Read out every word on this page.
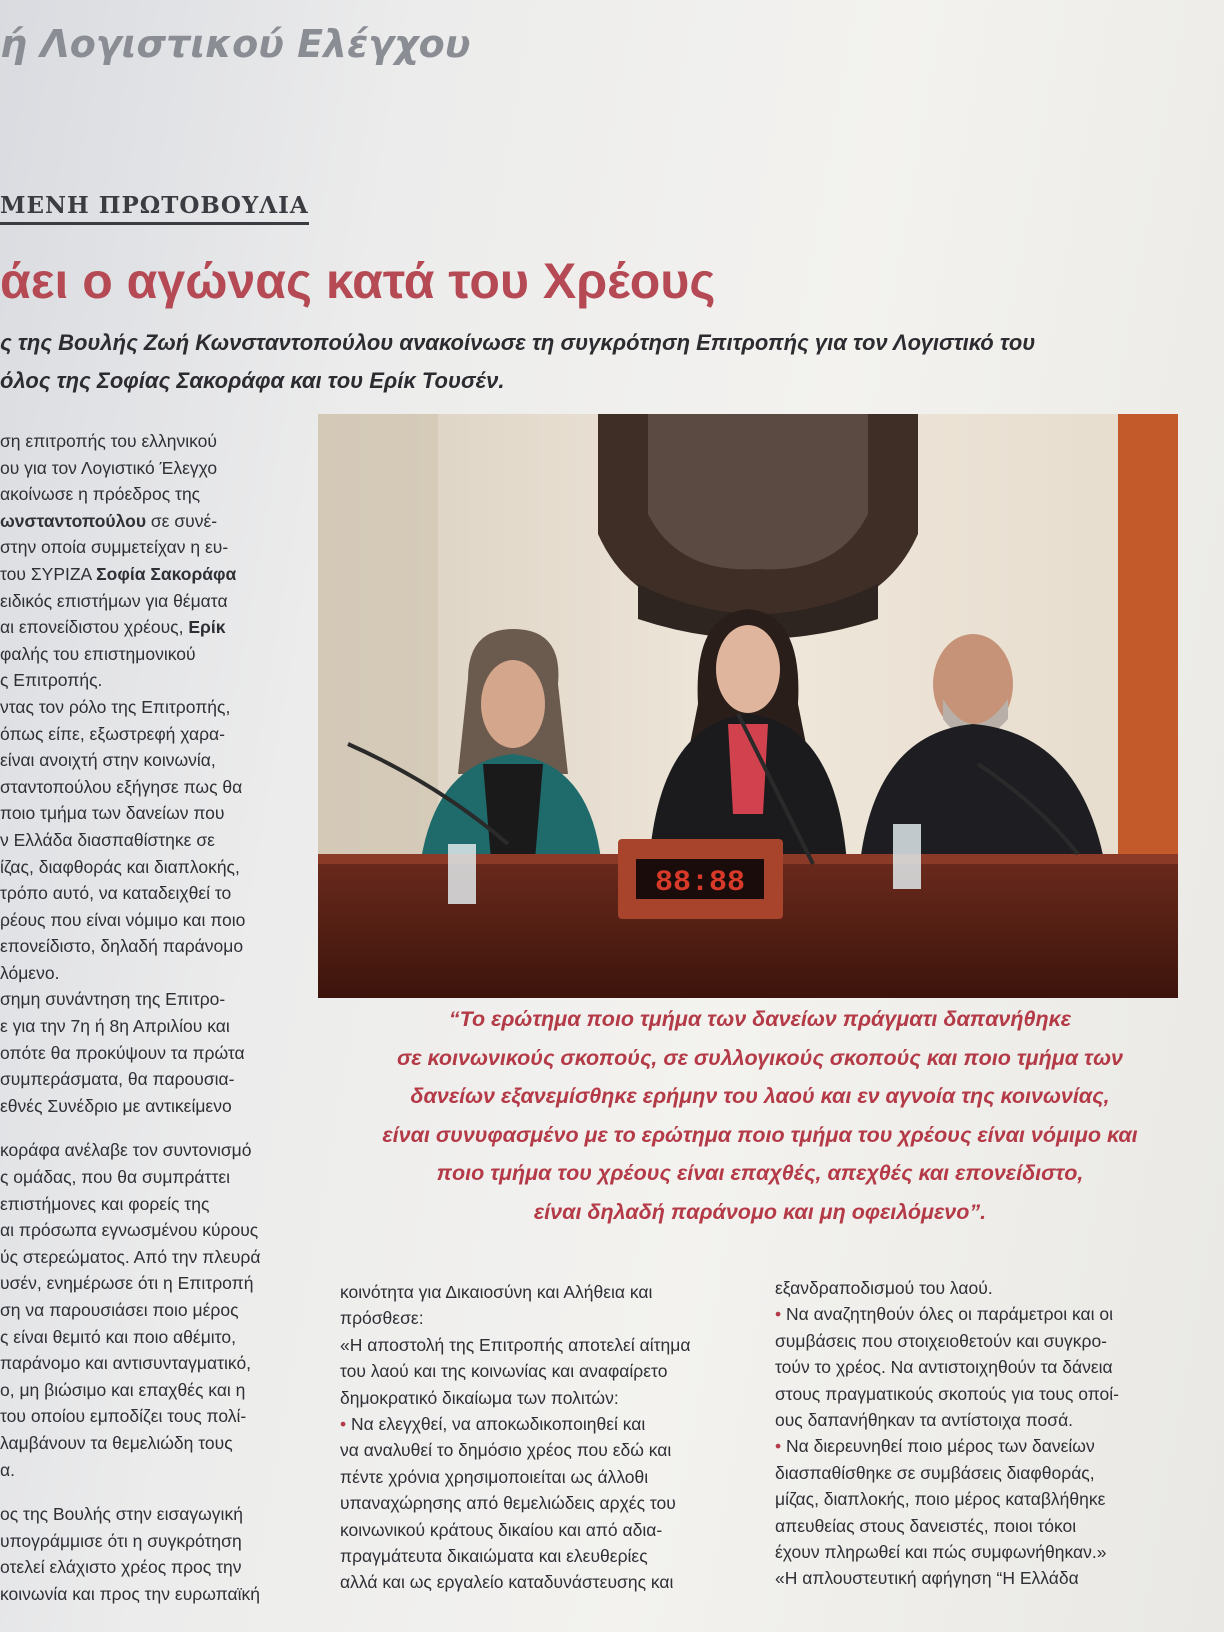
ή Λογιστικού Ελέγχου
ΜΕΝΗ ΠΡΩΤΟΒΟΥΛΙΑ
άει ο αγώνας κατά του Χρέους
ς της Βουλής Ζωή Κωνσταντοπούλου ανακοίνωσε τη συγκρότηση Επιτροπής για τον Λογιστικό του
όλος της Σοφίας Σακοράφα και του Ερίκ Τουσέν.
ση επιτροπής του ελληνικού
ου για τον Λογιστικό Έλεγχο
ακοίνωσε η πρόεδρος της
ωνσταντοπούλου σε συνέ-
στην οποία συμμετείχαν η ευ-
του ΣΥΡΙΖΑ Σοφία Σακοράφα
ειδικός επιστήμων για θέματα
αι επονείδιστου χρέους, Ερίκ
φαλής του επιστημονικού
ς Επιτροπής.
ντας τον ρόλο της Επιτροπής,
όπως είπε, εξωστρεφή χαρα-
είναι ανοιχτή στην κοινωνία,
σταντοπούλου εξήγησε πως θα
ποιο τμήμα των δανείων που
ν Ελλάδα διασπαθίστηκε σε
ίζας, διαφθοράς και διαπλοκής,
τρόπο αυτό, να καταδειχθεί το
ρέους που είναι νόμιμο και ποιο
επονείδιστο, δηλαδή παράνομο
λόμενο.
σημη συνάντηση της Επιτρο-
ε για την 7η ή 8η Απριλίου και
οπότε θα προκύψουν τα πρώτα
συμπεράσματα, θα παρουσια-
εθνές Συνέδριο με αντικείμενο
κοράφα ανέλαβε τον συντονισμό
ς ομάδας, που θα συμπράττει
επιστήμονες και φορείς της
αι πρόσωπα εγνωσμένου κύρους
ύς στερεώματος. Από την πλευρά
υσέν, ενημέρωσε ότι η Επιτροπή
ση να παρουσιάσει ποιο μέρος
ς είναι θεμιτό και ποιο αθέμιτο,
παράνομο και αντισυνταγματικό,
ο, μη βιώσιμο και επαχθές και η
του οποίου εμποδίζει τους πολί-
λαμβάνουν τα θεμελιώδη τους
α.
ος της Βουλής στην εισαγωγική
υπογράμμισε ότι η συγκρότηση
οτελεί ελάχιστο χρέος προς την
κοινωνία και προς την ευρωπαϊκή
88:88
“Το ερώτημα ποιο τμήμα των δανείων πράγματι δαπανήθηκε
σε κοινωνικούς σκοπούς, σε συλλογικούς σκοπούς και ποιο τμήμα των
δανείων εξανεμίσθηκε ερήμην του λαού και εν αγνοία της κοινωνίας,
είναι συνυφασμένο με το ερώτημα ποιο τμήμα του χρέους είναι νόμιμο και
ποιο τμήμα του χρέους είναι επαχθές, απεχθές και επονείδιστο,
είναι δηλαδή παράνομο και μη οφειλόμενο”.
κοινότητα για Δικαιοσύνη και Αλήθεια και
πρόσθεσε:
«Η αποστολή της Επιτροπής αποτελεί αίτημα
του λαού και της κοινωνίας και αναφαίρετο
δημοκρατικό δικαίωμα των πολιτών:
• Να ελεγχθεί, να αποκωδικοποιηθεί και
να αναλυθεί το δημόσιο χρέος που εδώ και
πέντε χρόνια χρησιμοποιείται ως άλλοθι
υπαναχώρησης από θεμελιώδεις αρχές του
κοινωνικού κράτους δικαίου και από αδια-
πραγμάτευτα δικαιώματα και ελευθερίες
αλλά και ως εργαλείο καταδυνάστευσης και
εξανδραποδισμού του λαού.
• Να αναζητηθούν όλες οι παράμετροι και οι
συμβάσεις που στοιχειοθετούν και συγκρο-
τούν το χρέος. Να αντιστοιχηθούν τα δάνεια
στους πραγματικούς σκοπούς για τους οποί-
ους δαπανήθηκαν τα αντίστοιχα ποσά.
• Να διερευνηθεί ποιο μέρος των δανείων
διασπαθίσθηκε σε συμβάσεις διαφθοράς,
μίζας, διαπλοκής, ποιο μέρος καταβλήθηκε
απευθείας στους δανειστές, ποιοι τόκοι
έχουν πληρωθεί και πώς συμφωνήθηκαν.»
«Η απλουστευτική αφήγηση “Η Ελλάδα
